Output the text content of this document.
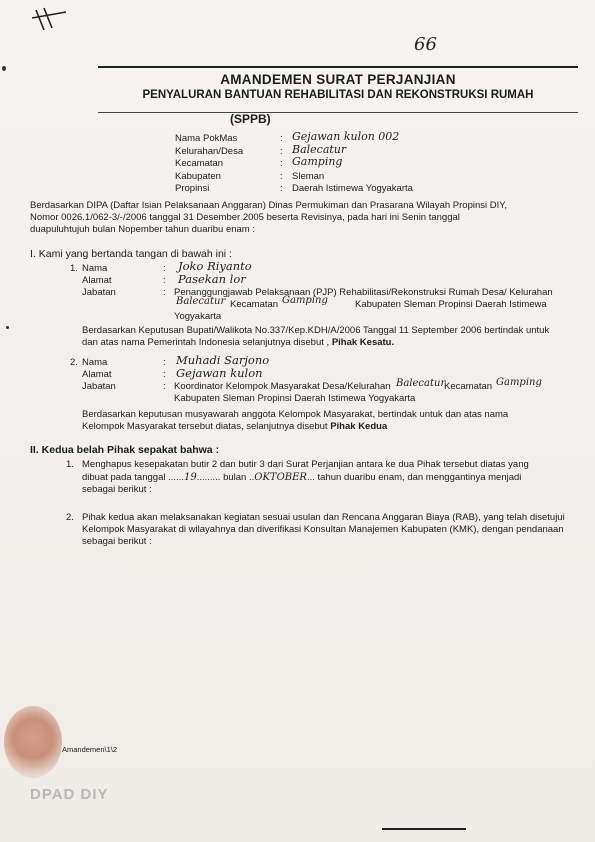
66
AMANDEMEN SURAT PERJANJIAN
PENYALURAN BANTUAN REHABILITASI DAN REKONSTRUKSI RUMAH
(SPPB)
Nama PokMas	: Gejawan kulon 002
Kelurahan/Desa	: Balecatur
Kecamatan	: Gamping
Kabupaten	: Sleman
Propinsi	: Daerah Istimewa Yogyakarta
Berdasarkan DIPA (Daftar Isian Pelaksanaan Anggaran) Dinas Permukiman dan Prasarana Wilayah Propinsi DIY,
Nomor 0026.1/062-3/-/2006 tanggal 31 Desember 2005 beserta Revisinya, pada hari ini Senin tanggal
duapuluhtujuh bulan Nopember tahun duaribu enam :
I. Kami yang bertanda tangan di bawah ini :
1. Nama	: Joko Riyanto
Alamat	: Pasekan lor
Jabatan	: Penanggungjawab Pelaksanaan (PJP) Rehabilitasi/Rekonstruksi Rumah Desa/ Kelurahan
Balecatur Kecamatan Gamping	Kabupaten Sleman Propinsi Daerah Istimewa
Yogyakarta
Berdasarkan Keputusan Bupati/Walikota No.337/Kep.KDH/A/2006 Tanggal 11 September 2006 bertindak untuk
dan atas nama Pemerintah Indonesia selanjutnya disebut , Pihak Kesatu.
2. Nama	: Muhadi Sarjono
Alamat	: Gejawan kulon
Jabatan	: Koordinator Kelompok Masyarakat Desa/Kelurahan Balecatur
Kecamatan Gamping
Kabupaten Sleman Propinsi Daerah Istimewa Yogyakarta
Berdasarkan keputusan musyawarah anggota Kelompok Masyarakat, bertindak untuk dan atas nama
Kelompok Masyarakat tersebut diatas, selanjutnya disebut Pihak Kedua
II. Kedua belah Pihak sepakat bahwa :
1. Menghapus kesepakatan butir 2 dan butir 3 dari Surat Perjanjian antara ke dua Pihak tersebut diatas yang
dibuat pada tanggal ......19......... bulan ..OKTOBER... tahun duaribu enam, dan menggantinya menjadi
sebagai berikut :
2. Pihak kedua akan melaksanakan kegiatan sesuai usulan dan Rencana Anggaran Biaya (RAB), yang telah disetujui
Kelompok Masyarakat di wilayahnya dan diverifikasi Konsultan Manajemen Kabupaten (KMK), dengan pendanaan
sebagai berikut :
Amandemen\1\2
DPAD DIY
